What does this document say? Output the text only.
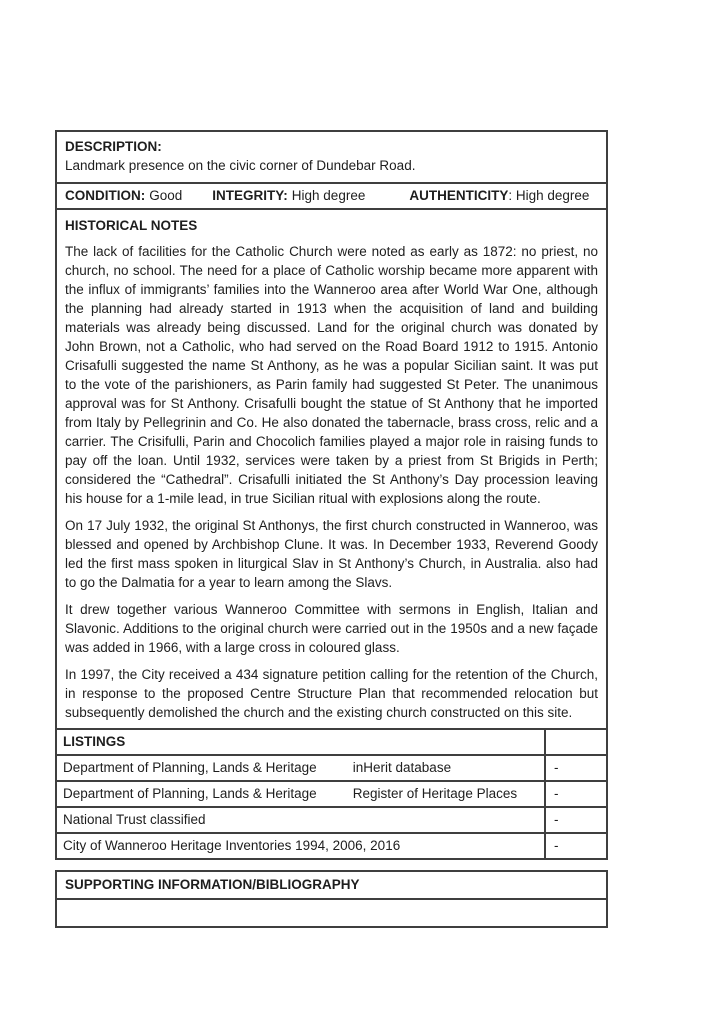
DESCRIPTION:
Landmark presence on the civic corner of Dundebar Road.
CONDITION: Good INTEGRITY: High degree	AUTHENTICITY: High degree
HISTORICAL NOTES

The lack of facilities for the Catholic Church were noted as early as 1872: no priest, no church, no school. The need for a place of Catholic worship became more apparent with the influx of immigrants’ families into the Wanneroo area after World War One, although the planning had already started in 1913 when the acquisition of land and building materials was already being discussed. Land for the original church was donated by John Brown, not a Catholic, who had served on the Road Board 1912 to 1915. Antonio Crisafulli suggested the name St Anthony, as he was a popular Sicilian saint. It was put to the vote of the parishioners, as Parin family had suggested St Peter. The unanimous approval was for St Anthony. Crisafulli bought the statue of St Anthony that he imported from Italy by Pellegrinin and Co. He also donated the tabernacle, brass cross, relic and a carrier. The Crisifulli, Parin and Chocolich families played a major role in raising funds to pay off the loan. Until 1932, services were taken by a priest from St Brigids in Perth; considered the “Cathedral”. Crisafulli initiated the St Anthony’s Day procession leaving his house for a 1-mile lead, in true Sicilian ritual with explosions along the route.

On 17 July 1932, the original St Anthonys, the first church constructed in Wanneroo, was blessed and opened by Archbishop Clune. It was. In December 1933, Reverend Goody led the first mass spoken in liturgical Slav in St Anthony’s Church, in Australia. also had to go the Dalmatia for a year to learn among the Slavs.

It drew together various Wanneroo Committee with sermons in English, Italian and Slavonic. Additions to the original church were carried out in the 1950s and a new façade was added in 1966, with a large cross in coloured glass.

In 1997, the City received a 434 signature petition calling for the retention of the Church, in response to the proposed Centre Structure Plan that recommended relocation but subsequently demolished the church and the existing church constructed on this site.

LISTINGS
Department of Planning, Lands & Heritage	inHerit database	-
Department of Planning, Lands & Heritage	Register of Heritage Places	-
National Trust classified	-
City of Wanneroo Heritage Inventories 1994, 2006, 2016	-
SUPPORTING INFORMATION/BIBLIOGRAPHY
